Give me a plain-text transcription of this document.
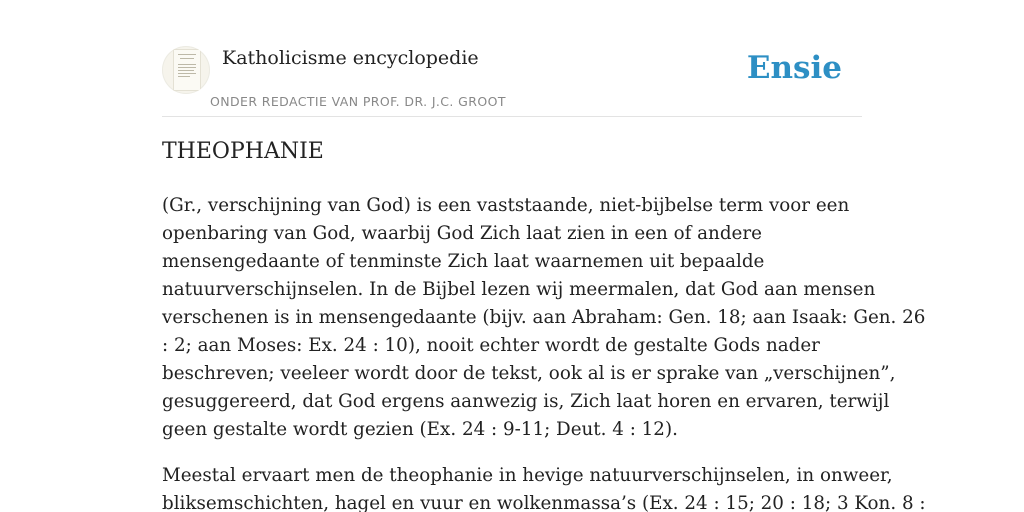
Katholicisme encyclopedie
ONDER REDACTIE VAN PROF. DR. J.C. GROOT
Ensie
THEOPHANIE

(Gr., verschijning van God) is een vaststaande, niet-bijbelse term voor een
openbaring van God, waarbij God Zich laat zien in een of andere
mensengedaante of tenminste Zich laat waarnemen uit bepaalde
natuurverschijnselen. In de Bijbel lezen wij meermalen, dat God aan mensen
verschenen is in mensengedaante (bijv. aan Abraham: Gen. 18; aan Isaak: Gen. 26
: 2; aan Moses: Ex. 24 : 10), nooit echter wordt de gestalte Gods nader
beschreven; veeleer wordt door de tekst, ook al is er sprake van „verschijnen”,
gesuggereerd, dat God ergens aanwezig is, Zich laat horen en ervaren, terwijl
geen gestalte wordt gezien (Ex. 24 : 9-11; Deut. 4 : 12).

Meestal ervaart men de theophanie in hevige natuurverschijnselen, in onweer,
bliksemschichten, hagel en vuur en wolkenmassa’s (Ex. 24 : 15; 20 : 18; 3 Kon. 8 :
